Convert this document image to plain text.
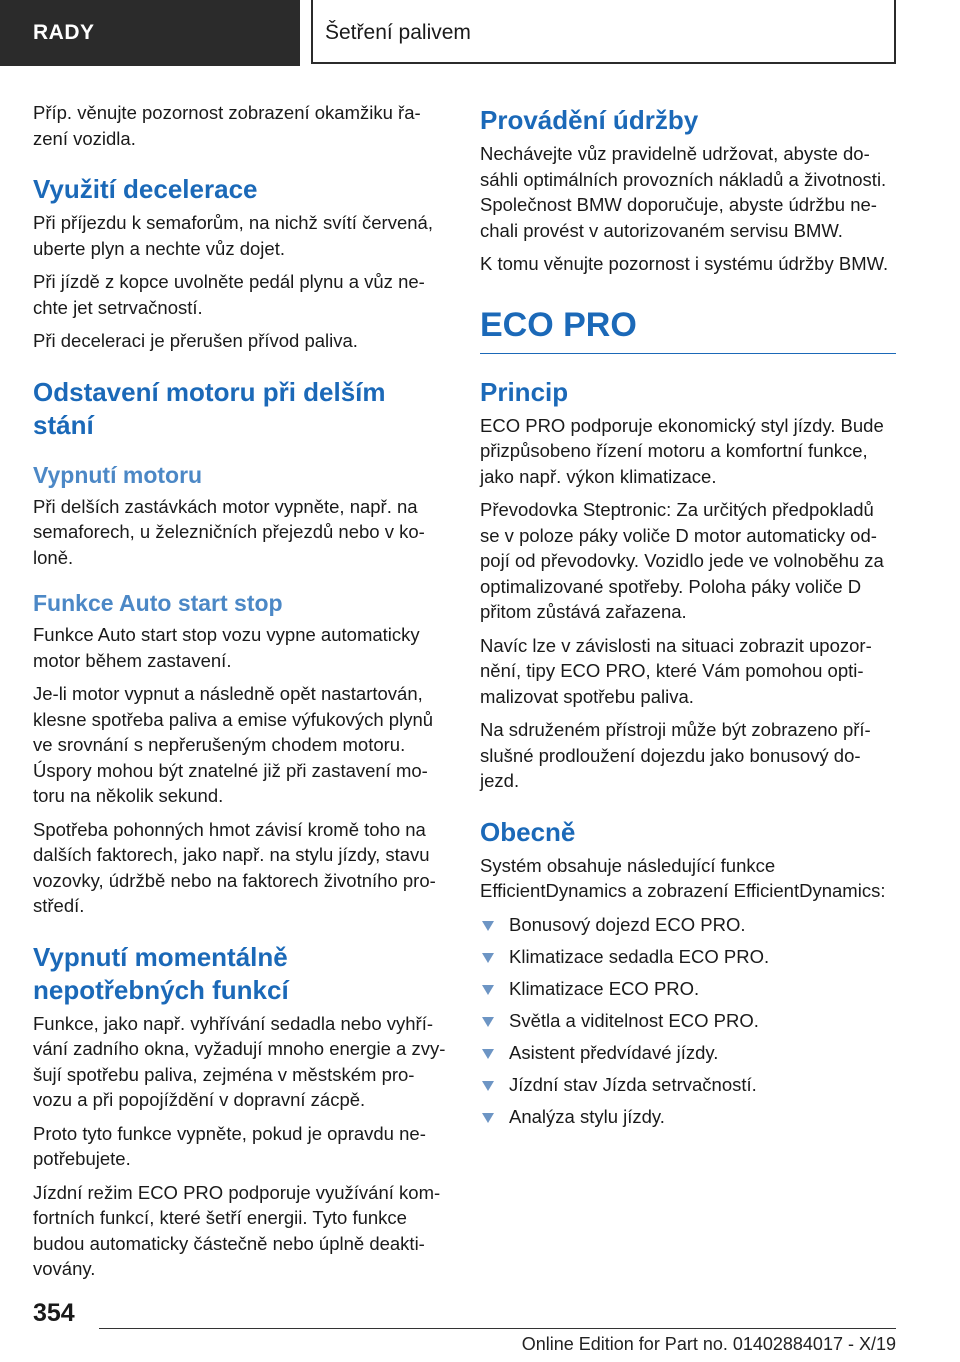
RADY	Šetření palivem

Příp. věnujte pozornost zobrazení okamžiku řa-zení vozidla.

Využití decelerace

Při příjezdu k semaforům, na nichž svítí červená, uberte plyn a nechte vůz dojet.

Při jízdě z kopce uvolněte pedál plynu a vůz ne-chte jet setrvačností.

Při deceleraci je přerušen přívod paliva.

Odstavení motoru při delším stání
Vypnutí motoru

Při delších zastávkách motor vypněte, např. na semaforech, u železničních přejezdů nebo v ko-loně.

Funkce Auto start stop

Funkce Auto start stop vozu vypne automaticky motor během zastavení.

Je-li motor vypnut a následně opět nastartován, klesne spotřeba paliva a emise výfukových plynů ve srovnání s nepřerušeným chodem motoru. Úspory mohou být znatelné již při zastavení mo-toru na několik sekund.

Spotřeba pohonných hmot závisí kromě toho na dalších faktorech, jako např. na stylu jízdy, stavu vozovky, údržbě nebo na faktorech životního pro-středí.

Vypnutí momentálně nepotřebných funkcí

Funkce, jako např. vyhřívání sedadla nebo vyhří-vání zadního okna, vyžadují mnoho energie a zvy-šují spotřebu paliva, zejména v městském pro-vozu a při popojíždění v dopravní zácpě.

Proto tyto funkce vypněte, pokud je opravdu ne-potřebujete.

Jízdní režim ECO PRO podporuje využívání kom-fortních funkcí, které šetří energii. Tyto funkce budou automaticky částečně nebo úplně deakti-vovány.

Provádění údržby

Nechávejte vůz pravidelně udržovat, abyste do-sáhli optimálních provozních nákladů a životnosti. Společnost BMW doporučuje, abyste údržbu ne-chali provést v autorizovaném servisu BMW.

K tomu věnujte pozornost i systému údržby BMW.

ECO PRO
Princip

ECO PRO podporuje ekonomický styl jízdy. Bude přizpůsobeno řízení motoru a komfortní funkce, jako např. výkon klimatizace.

Převodovka Steptronic: Za určitých předpokladů se v poloze páky voliče D motor automaticky od-pojí od převodovky. Vozidlo jede ve volnoběhu za optimalizované spotřeby. Poloha páky voliče D přitom zůstává zařazena.

Navíc lze v závislosti na situaci zobrazit upozor-nění, tipy ECO PRO, které Vám pomohou opti-malizovat spotřebu paliva.

Na sdruženém přístroji může být zobrazeno pří-slušné prodloužení dojezdu jako bonusový do-jezd.

Obecně

Systém obsahuje následující funkce EfficientDynamics a zobrazení EfficientDynamics:

Bonusový dojezd ECO PRO.
Klimatizace sedadla ECO PRO.
Klimatizace ECO PRO.
Světla a viditelnost ECO PRO.
Asistent předvídavé jízdy.
Jízdní stav Jízda setrvačností.
Analýza stylu jízdy.
354
Online Edition for Part no. 01402884017 - X/19
